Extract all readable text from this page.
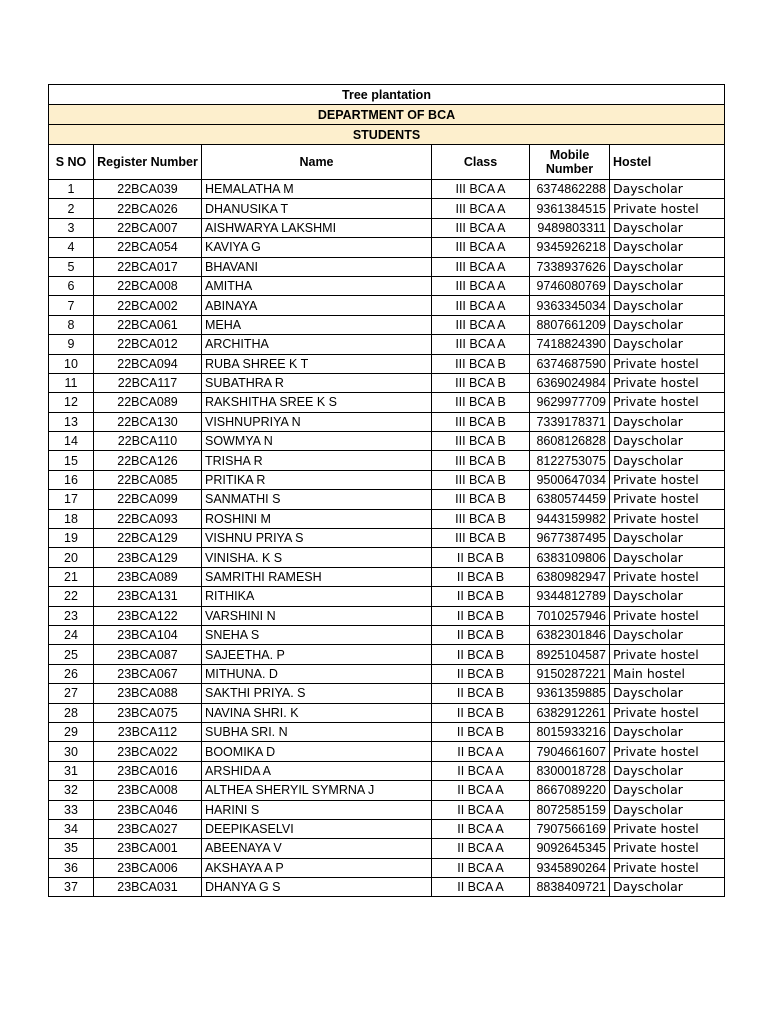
Tree plantation					
DEPARTMENT OF BCA					
STUDENTS					
S NO	Register Number	Name	Class	Mobile Number	Hostel
1	22BCA039	HEMALATHA M	III BCA A	6374862288	Dayscholar
2	22BCA026	DHANUSIKA T	III BCA A	9361384515	Private hostel
3	22BCA007	AISHWARYA LAKSHMI	III BCA A	9489803311	Dayscholar
4	22BCA054	KAVIYA G	III BCA A	9345926218	Dayscholar
5	22BCA017	BHAVANI	III BCA A	7338937626	Dayscholar
6	22BCA008	AMITHA	III BCA A	9746080769	Dayscholar
7	22BCA002	ABINAYA	III BCA A	9363345034	Dayscholar
8	22BCA061	MEHA	III BCA A	8807661209	Dayscholar
9	22BCA012	ARCHITHA	III BCA A	7418824390	Dayscholar
10	22BCA094	RUBA SHREE K T	III BCA B	6374687590	Private hostel
11	22BCA117	SUBATHRA R	III BCA B	6369024984	Private hostel
12	22BCA089	RAKSHITHA SREE K S	III BCA B	9629977709	Private hostel
13	22BCA130	VISHNUPRIYA N	III BCA B	7339178371	Dayscholar
14	22BCA110	SOWMYA N	III BCA B	8608126828	Dayscholar
15	22BCA126	TRISHA R	III BCA B	8122753075	Dayscholar
16	22BCA085	PRITIKA R	III BCA B	9500647034	Private hostel
17	22BCA099	SANMATHI S	III BCA B	6380574459	Private hostel
18	22BCA093	ROSHINI M	III BCA B	9443159982	Private hostel
19	22BCA129	VISHNU PRIYA S	III BCA B	9677387495	Dayscholar
20	23BCA129	VINISHA. K S	II BCA B	6383109806	Dayscholar
21	23BCA089	SAMRITHI RAMESH	II BCA B	6380982947	Private hostel
22	23BCA131	RITHIKA	II BCA B	9344812789	Dayscholar
23	23BCA122	VARSHINI N	II BCA B	7010257946	Private hostel
24	23BCA104	SNEHA S	II BCA B	6382301846	Dayscholar
25	23BCA087	SAJEETHA. P	II BCA B	8925104587	Private hostel
26	23BCA067	MITHUNA. D	II BCA B	9150287221	Main hostel
27	23BCA088	SAKTHI PRIYA. S	II BCA B	9361359885	Dayscholar
28	23BCA075	NAVINA SHRI. K	II BCA B	6382912261	Private hostel
29	23BCA112	SUBHA SRI. N	II BCA B	8015933216	Dayscholar
30	23BCA022	BOOMIKA D	II BCA A	7904661607	Private hostel
31	23BCA016	ARSHIDA A	II BCA A	8300018728	Dayscholar
32	23BCA008	ALTHEA SHERYIL SYMRNA J	II BCA A	8667089220	Dayscholar
33	23BCA046	HARINI S	II BCA A	8072585159	Dayscholar
34	23BCA027	DEEPIKASELVI	II BCA A	7907566169	Private hostel
35	23BCA001	ABEENAYA V	II BCA A	9092645345	Private hostel
36	23BCA006	AKSHAYA A P	II BCA A	9345890264	Private hostel
37	23BCA031	DHANYA G S	II BCA A	8838409721	Dayscholar
